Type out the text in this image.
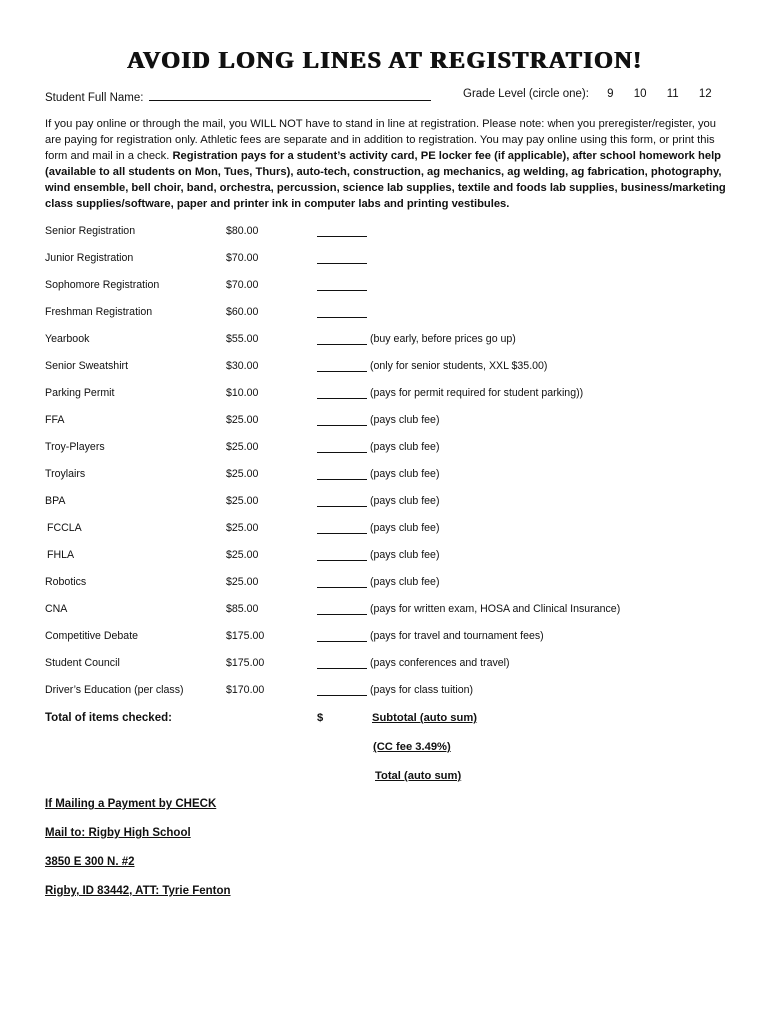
AVOID LONG LINES AT REGISTRATION!
Student Full Name:	Grade Level (circle one): 9 10 11 12
If you pay online or through the mail, you WILL NOT have to stand in line at registration. Please note: when you preregister/register, you are paying for registration only. Athletic fees are separate and in addition to registration. You may pay online using this form, or print this form and mail in a check. Registration pays for a student’s activity card, PE locker fee (if applicable), after school homework help (available to all students on Mon, Tues, Thurs), auto-tech, construction, ag mechanics, ag welding, ag fabrication, photography, wind ensemble, bell choir, band, orchestra, percussion, science lab supplies, textile and foods lab supplies, business/marketing class supplies/software, paper and printer ink in computer labs and printing vestibules.
Senior Registration	$80.00
Junior Registration	$70.00
Sophomore Registration	$70.00
Freshman Registration	$60.00
Yearbook	$55.00	(buy early, before prices go up)
Senior Sweatshirt	$30.00	(only for senior students, XXL $35.00)
Parking Permit	$10.00	(pays for permit required for student parking))
FFA	$25.00	(pays club fee)
Troy-Players	$25.00	(pays club fee)
Troylairs	$25.00	(pays club fee)
BPA	$25.00	(pays club fee)
FCCLA	$25.00	(pays club fee)
FHLA	$25.00	(pays club fee)
Robotics	$25.00	(pays club fee)
CNA	$85.00	(pays for written exam, HOSA and Clinical Insurance)
Competitive Debate	$175.00	(pays for travel and tournament fees)
Student Council	$175.00	(pays conferences and travel)
Driver’s Education (per class)	$170.00	(pays for class tuition)
Total of items checked:	$	Subtotal (auto sum)
(CC fee 3.49%)
Total (auto sum)
If Mailing a Payment by CHECK
Mail to: Rigby High School
3850 E 300 N. #2
Rigby, ID 83442, ATT: Tyrie Fenton
